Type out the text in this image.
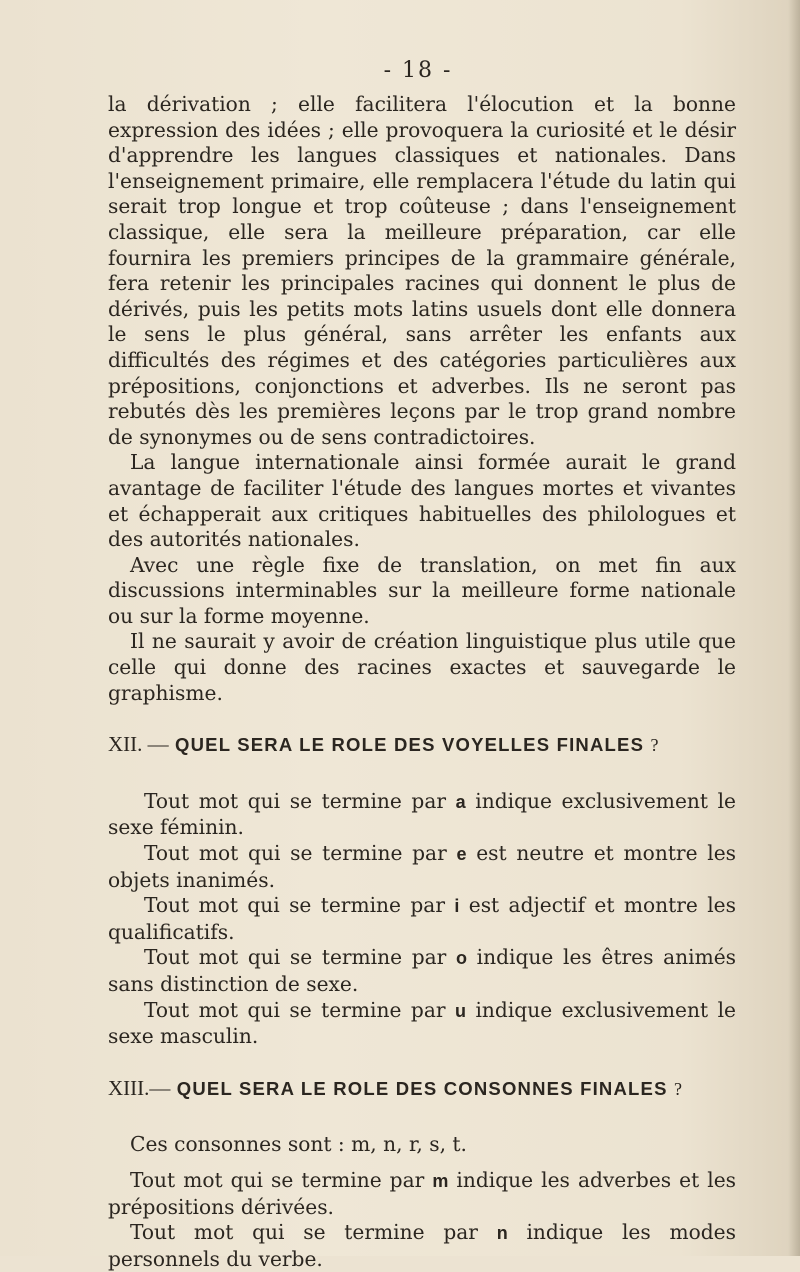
- 18 -

la dérivation ; elle facilitera l'élocution et la bonne expression des idées ; elle provoquera la curiosité et le désir d'apprendre les langues classiques et nationales. Dans l'enseignement primaire, elle remplacera l'étude du latin qui serait trop longue et trop coûteuse ; dans l'enseignement classique, elle sera la meilleure préparation, car elle fournira les premiers principes de la grammaire générale, fera retenir les principales racines qui donnent le plus de dérivés, puis les petits mots latins usuels dont elle donnera le sens le plus général, sans arrêter les enfants aux difficultés des régimes et des catégories particulières aux prépositions, conjonctions et adverbes. Ils ne seront pas rebutés dès les premières leçons par le trop grand nombre de synonymes ou de sens contradictoires.

La langue internationale ainsi formée aurait le grand avantage de faciliter l'étude des langues mortes et vivantes et échapperait aux critiques habituelles des philologues et des autorités nationales.

Avec une règle fixe de translation, on met fin aux discussions interminables sur la meilleure forme nationale ou sur la forme moyenne.

Il ne saurait y avoir de création linguistique plus utile que celle qui donne des racines exactes et sauvegarde le graphisme.

XII. — QUEL SERA LE ROLE DES VOYELLES FINALES ?

Tout mot qui se termine par a indique exclusivement le sexe féminin.

Tout mot qui se termine par e est neutre et montre les objets inanimés.

Tout mot qui se termine par i est adjectif et montre les qualificatifs.

Tout mot qui se termine par o indique les êtres animés sans distinction de sexe.

Tout mot qui se termine par u indique exclusivement le sexe masculin.

XIII.— QUEL SERA LE ROLE DES CONSONNES FINALES ?

Ces consonnes sont : m, n, r, s, t.

Tout mot qui se termine par m indique les adverbes et les prépositions dérivées.

Tout mot qui se termine par n indique les modes personnels du verbe.
